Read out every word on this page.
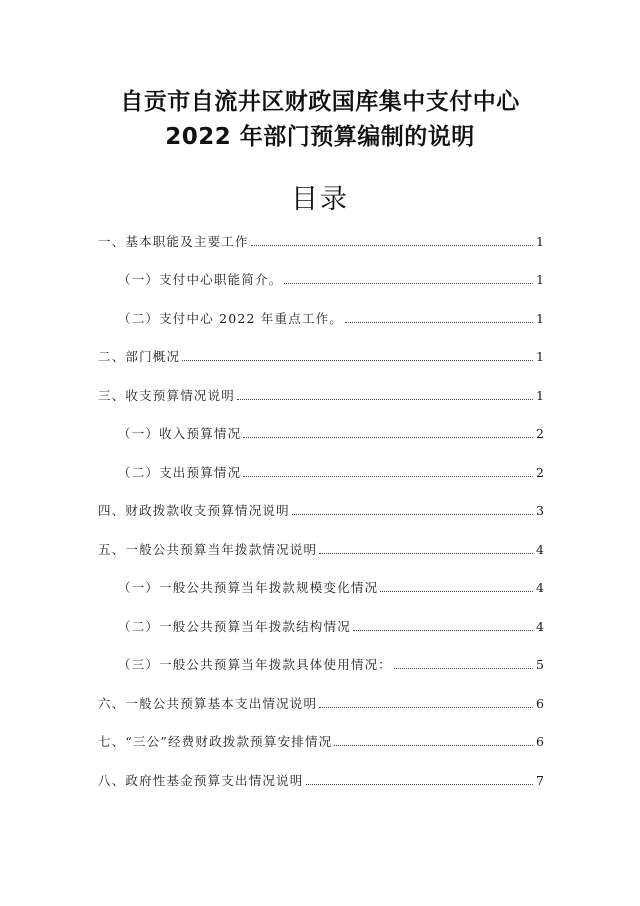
自贡市自流井区财政国库集中支付中心
2022 年部门预算编制的说明
目录
一、基本职能及主要工作	1
（一）支付中心职能简介。	1
（二）支付中心 2022 年重点工作。	1
二、部门概况	1
三、收支预算情况说明	1
（一）收入预算情况	2
（二）支出预算情况	2
四、财政拨款收支预算情况说明	3
五、一般公共预算当年拨款情况说明	4
（一）一般公共预算当年拨款规模变化情况	4
（二）一般公共预算当年拨款结构情况	4
（三）一般公共预算当年拨款具体使用情况：	5
六、一般公共预算基本支出情况说明	6
七、“三公”经费财政拨款预算安排情况	6
八、政府性基金预算支出情况说明	7
